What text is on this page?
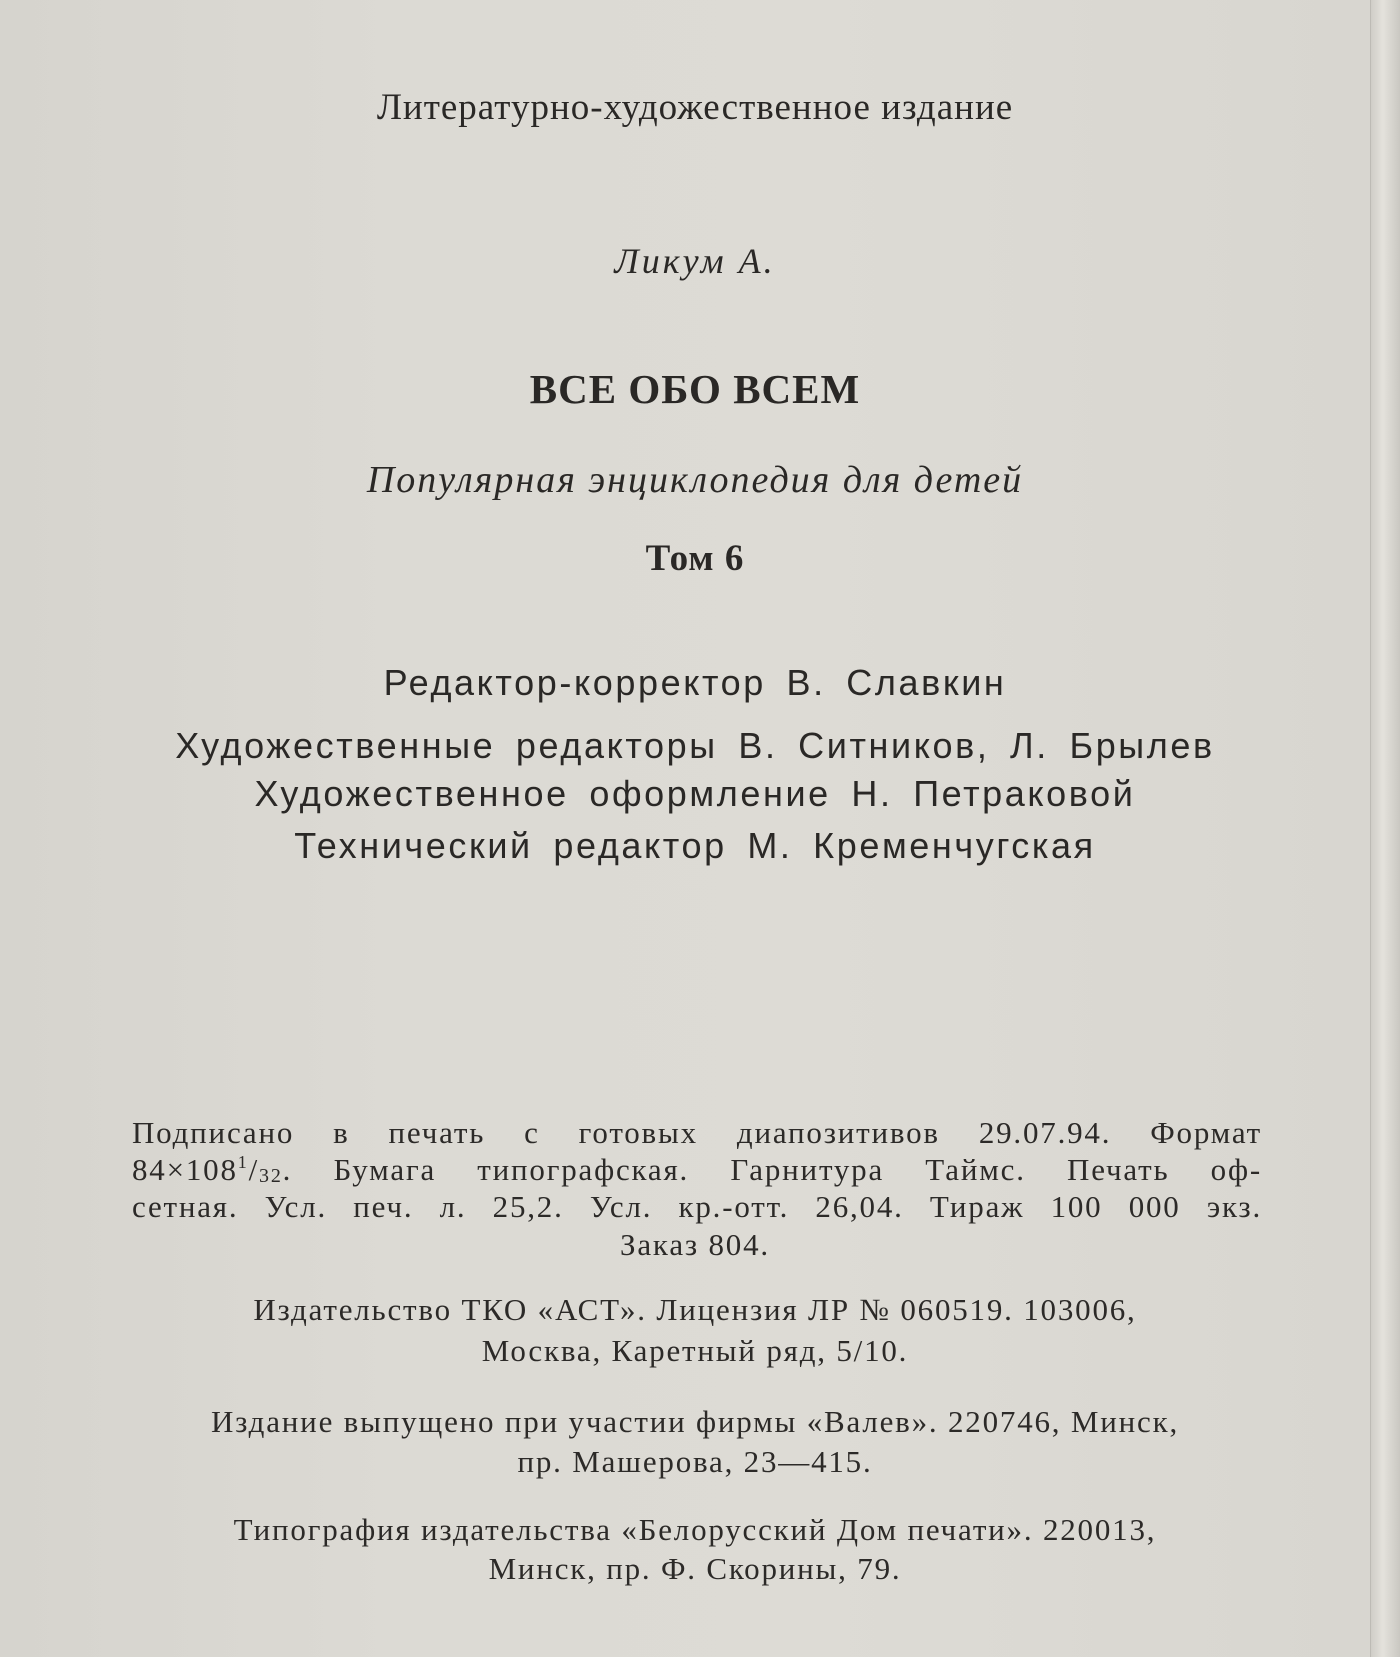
Литературно-художественное издание
Ликум А.
ВСЕ ОБО ВСЕМ
Популярная энциклопедия для детей
Том 6
Редактор-корректор В. Славкин
Художественные редакторы В. Ситников, Л. Брылев
Художественное оформление Н. Петраковой
Технический редактор М. Кременчугская
Подписано в печать с готовых диапозитивов 29.07.94. Формат
$84\times 108^1/_{32}$. Бумага типографская. Гарнитура Таймс. Печать оф-
сетная. Усл. печ. л. 25,2. Усл. кр.-отт. 26,04. Тираж 100 000 экз.
Заказ 804.
Издательство ТКО «АСТ». Лицензия ЛР № 060519. 103006,
Москва, Каретный ряд, 5/10.
Издание выпущено при участии фирмы «Валев». 220746, Минск,
пр. Машерова, 23—415.
Типография издательства «Белорусский Дом печати». 220013,
Минск, пр. Ф. Скорины, 79.
